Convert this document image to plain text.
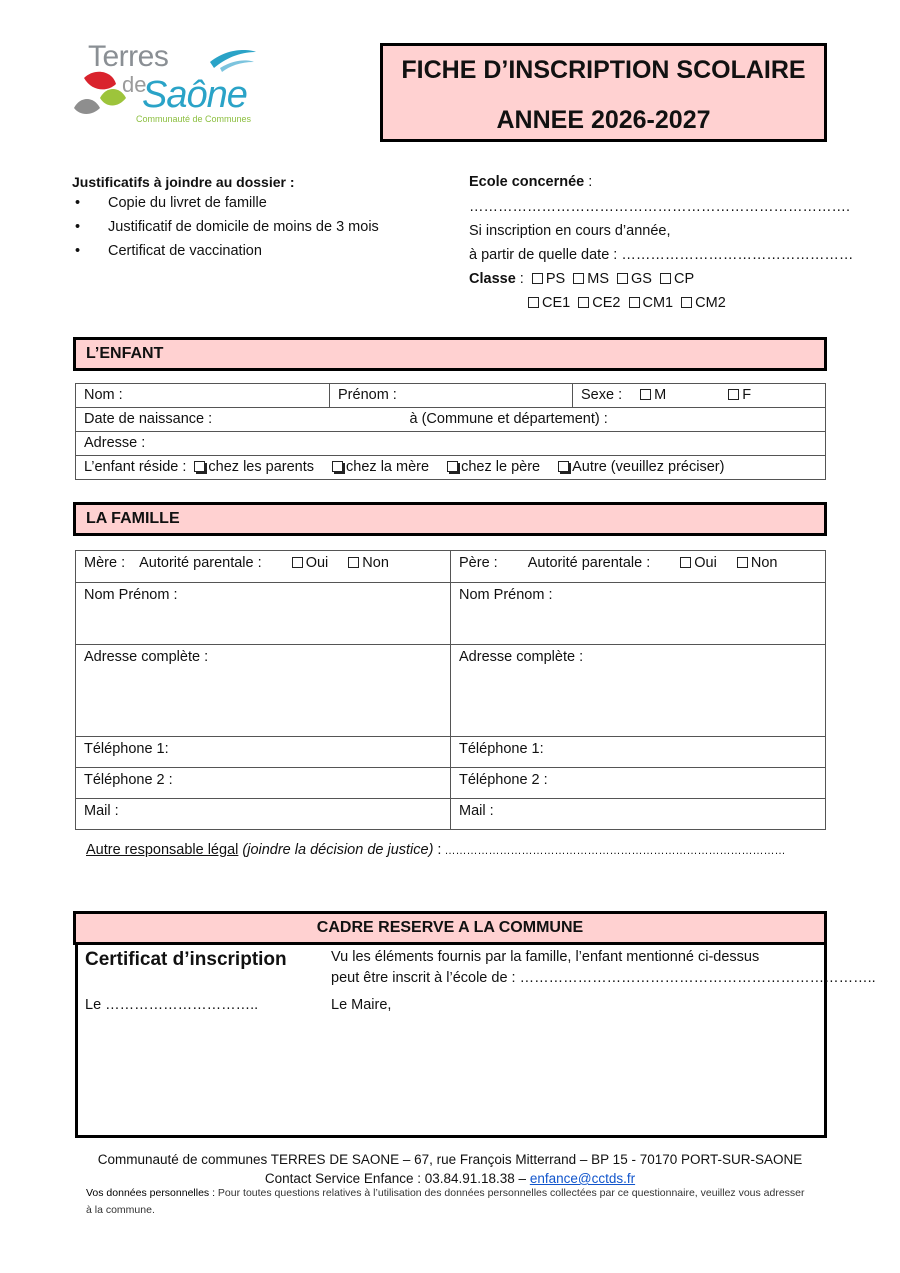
Terres
de
Saône
Communauté de Communes
FICHE D’INSCRIPTION SCOLAIRE
ANNEE 2026-2027
Justificatifs à joindre au dossier :
• Copie du livret de famille
• Justificatif de domicile de moins de 3 mois
• Certificat de vaccination
Ecole concernée :
…………………………………………………………………….
Si inscription en cours d’année,
à partir de quelle date : …………………………………………
Classe : PS MS GS CP
CE1 CE2 CM1 CM2
L’ENFANT
Nom :	Prénom :	Sexe : M	F
Date de naissance :	à (Commune et département) :

Adresse :
L’enfant réside : chez les parents chez la mère chez le père Autre (veuillez préciser)
LA FAMILLE
Mère : Autorité parentale : Oui Non	Père : Autorité parentale : Oui Non
Nom Prénom :	Nom Prénom :
Adresse complète :	Adresse complète :
Téléphone 1:	Téléphone 1:
Téléphone 2 :	Téléphone 2 :
Mail :	Mail :
Autre responsable légal (joindre la décision de justice) : …………………………………………………………………………………
CADRE RESERVE A LA COMMUNE
Certificat d’inscription	Vu les éléments fournis par la famille, l’enfant mentionné ci-dessus
peut être inscrit à l’école de : ………………………………………………………………..
Le …………………………..	Le Maire,
Communauté de communes TERRES DE SAONE – 67, rue François Mitterrand – BP 15 - 70170 PORT-SUR-SAONE
Contact Service Enfance : 03.84.91.18.38 – enfance@cctds.fr
Vos données personnelles : Pour toutes questions relatives à l’utilisation des données personnelles collectées par ce questionnaire, veuillez vous adresser à la commune.
